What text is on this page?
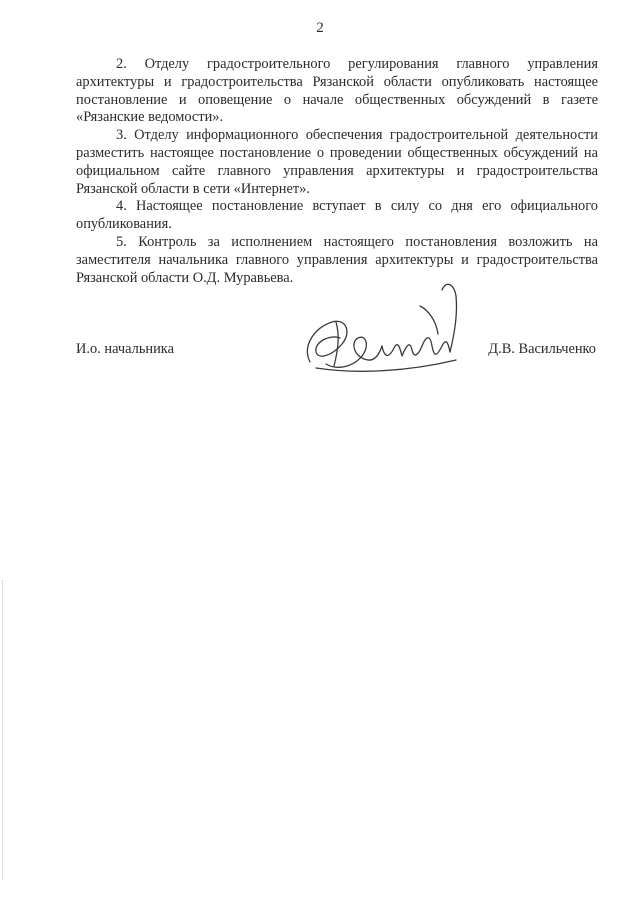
2

2. Отделу градостроительного регулирования главного управления архитектуры и градостроительства Рязанской области опубликовать настоящее постановление и оповещение о начале общественных обсуждений в газете «Рязанские ведомости».

3. Отделу информационного обеспечения градостроительной деятельности разместить настоящее постановление о проведении общественных обсуждений на официальном сайте главного управления архитектуры и градостроительства Рязанской области в сети «Интернет».

4. Настоящее постановление вступает в силу со дня его официального опубликования.

5. Контроль за исполнением настоящего постановления возложить на заместителя начальника главного управления архитектуры и градостроительства Рязанской области О.Д. Муравьева.

И.о. начальника	Д.В. Васильченко
